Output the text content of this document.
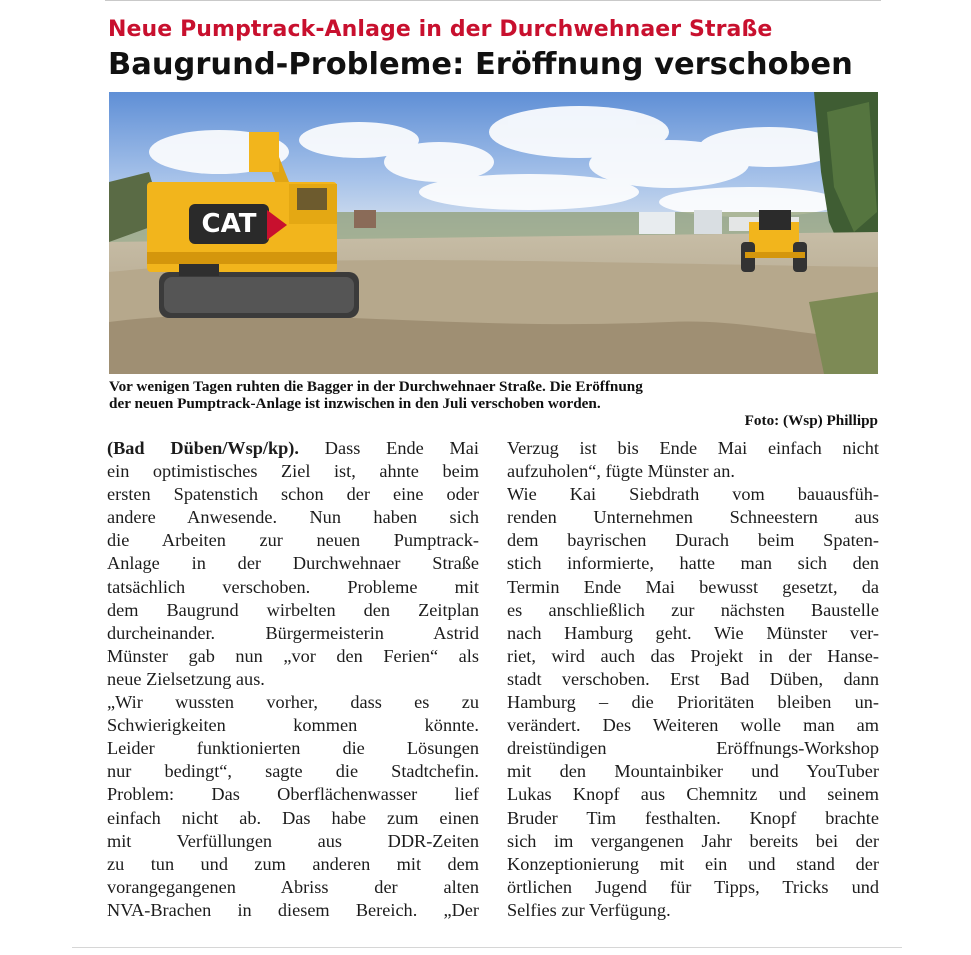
Neue Pumptrack-Anlage in der Durchwehnaer Straße
Baugrund-Probleme: Eröffnung verschoben
CAT

Vor wenigen Tagen ruhten die Bagger in der Durchwehnaer Straße. Die Eröffnung

der neuen Pumptrack-Anlage ist inzwischen in den Juli verschoben worden.

Foto: (Wsp) Phillipp

(Bad Düben/Wsp/kp). Dass Ende Mai

ein optimistisches Ziel ist, ahnte beim

ersten Spatenstich schon der eine oder

andere Anwesende. Nun haben sich

die Arbeiten zur neuen Pumptrack-

Anlage in der Durchwehnaer Straße

tatsächlich verschoben. Probleme mit

dem Baugrund wirbelten den Zeitplan

durcheinander. Bürgermeisterin Astrid

Münster gab nun „vor den Ferien“ als

neue Zielsetzung aus.

„Wir wussten vorher, dass es zu

Schwierigkeiten kommen könnte.

Leider funktionierten die Lösungen

nur bedingt“, sagte die Stadtchefin.

Problem: Das Oberflächenwasser lief

einfach nicht ab. Das habe zum einen

mit Verfüllungen aus DDR-Zeiten

zu tun und zum anderen mit dem

vorangegangenen Abriss der alten

NVA-Brachen in diesem Bereich. „Der

Verzug ist bis Ende Mai einfach nicht

aufzuholen“, fügte Münster an.

Wie Kai Siebdrath vom bauausfüh-

renden Unternehmen Schneestern aus

dem bayrischen Durach beim Spaten-

stich informierte, hatte man sich den

Termin Ende Mai bewusst gesetzt, da

es anschließlich zur nächsten Baustelle

nach Hamburg geht. Wie Münster ver-

riet, wird auch das Projekt in der Hanse-

stadt verschoben. Erst Bad Düben, dann

Hamburg – die Prioritäten bleiben un-

verändert. Des Weiteren wolle man am

dreistündigen Eröffnungs-Workshop

mit den Mountainbiker und YouTuber

Lukas Knopf aus Chemnitz und seinem

Bruder Tim festhalten. Knopf brachte

sich im vergangenen Jahr bereits bei der

Konzeptionierung mit ein und stand der

örtlichen Jugend für Tipps, Tricks und

Selfies zur Verfügung.
